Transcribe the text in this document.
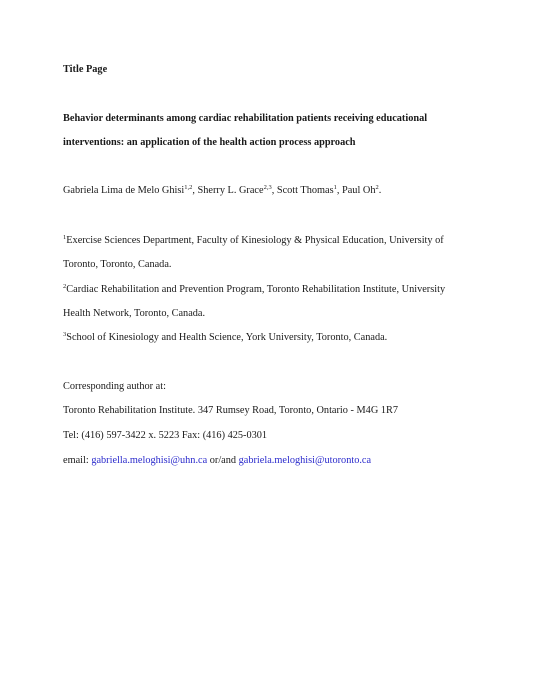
Title Page
Behavior determinants among cardiac rehabilitation patients receiving educational
interventions: an application of the health action process approach
Gabriela Lima de Melo Ghisi$^{1,2}$, Sherry L. Grace$^{2,3}$, Scott Thomas$^1$, Paul Oh$^2$.
$^1$Exercise Sciences Department, Faculty of Kinesiology & Physical Education, University of
Toronto, Toronto, Canada.
$^2$Cardiac Rehabilitation and Prevention Program, Toronto Rehabilitation Institute, University
Health Network, Toronto, Canada.
$^3$School of Kinesiology and Health Science, York University, Toronto, Canada.
Corresponding author at:
Toronto Rehabilitation Institute. 347 Rumsey Road, Toronto, Ontario - M4G 1R7
Tel: (416) 597-3422 x. 5223 Fax: (416) 425-0301
email: gabriella.meloghisi@uhn.ca or/and gabriela.meloghisi@utoronto.ca
